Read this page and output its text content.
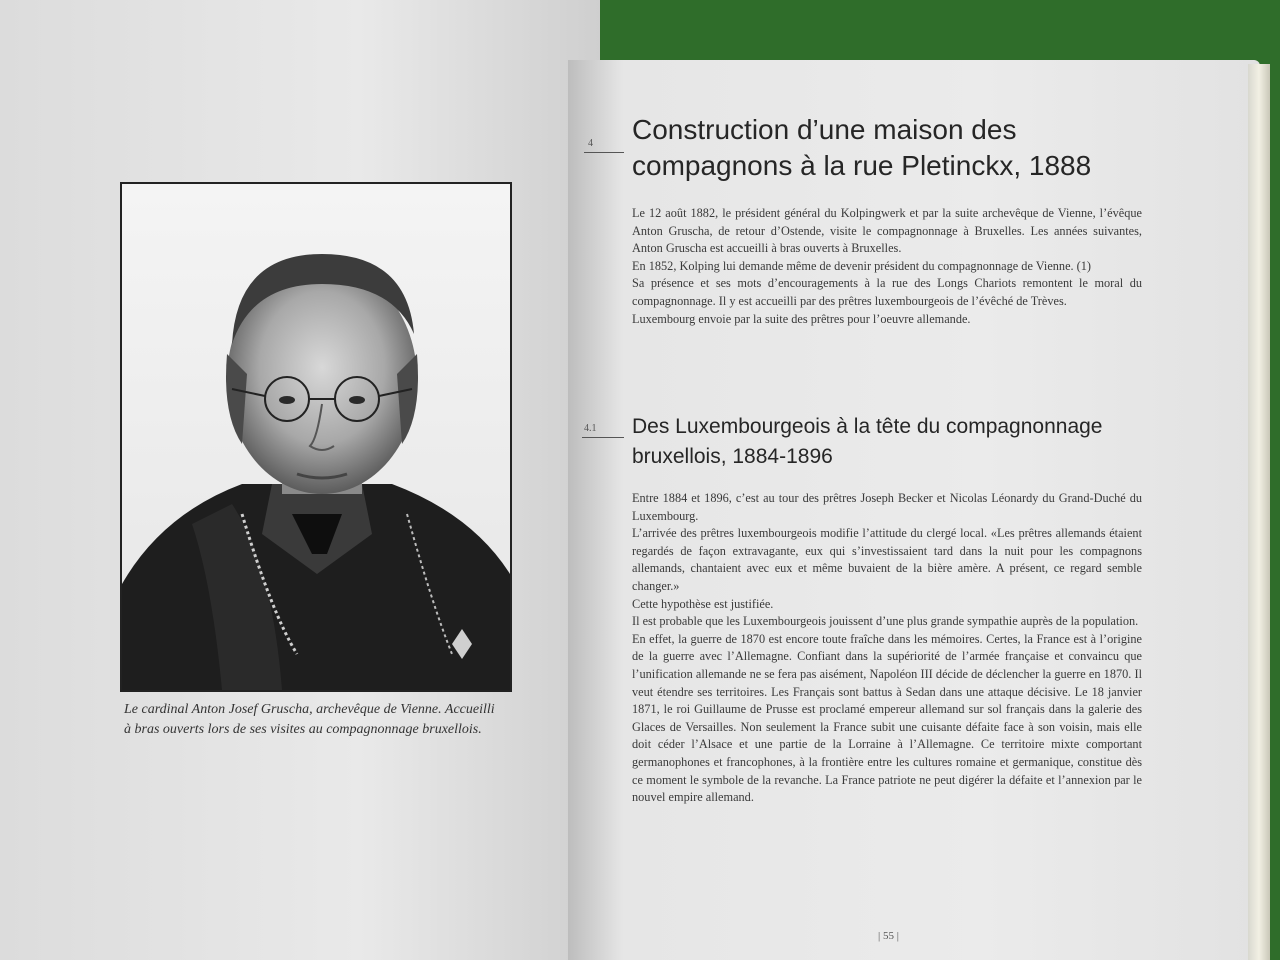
Le cardinal Anton Josef Gruscha, archevêque de Vienne. Accueilli à bras ouverts lors de ses visites au compagnonnage bruxellois.
4 Construction d’une maison des
compagnons à la rue Pletinckx, 1888

Le 12 août 1882, le président général du Kolpingwerk et par la suite archevêque de Vienne, l’évêque Anton Gruscha, de retour d’Ostende, visite le compagnonnage à Bruxelles. Les années suivantes, Anton Gruscha est accueilli à bras ouverts à Bruxelles.

En 1852, Kolping lui demande même de devenir président du compagnonnage de Vienne. (1)

Sa présence et ses mots d’encouragements à la rue des Longs Chariots remontent le moral du compagnonnage. Il y est accueilli par des prêtres luxembourgeois de l’évêché de Trèves.

Luxembourg envoie par la suite des prêtres pour l’oeuvre allemande.

4.1 Des Luxembourgeois à la tête du compagnonnage
bruxellois, 1884-1896

Entre 1884 et 1896, c’est au tour des prêtres Joseph Becker et Nicolas Léonardy du Grand-Duché du Luxembourg.

L’arrivée des prêtres luxembourgeois modifie l’attitude du clergé local. «Les prêtres allemands étaient regardés de façon extravagante, eux qui s’investissaient tard dans la nuit pour les compagnons allemands, chantaient avec eux et même buvaient de la bière amère. A présent, ce regard semble changer.»

Cette hypothèse est justifiée.

Il est probable que les Luxembourgeois jouissent d’une plus grande sympathie auprès de la population.

En effet, la guerre de 1870 est encore toute fraîche dans les mémoires. Certes, la France est à l’origine de la guerre avec l’Allemagne. Confiant dans la supériorité de l’armée française et convaincu que l’unification allemande ne se fera pas aisément, Napoléon III décide de déclencher la guerre en 1870. Il veut étendre ses territoires. Les Français sont battus à Sedan dans une attaque décisive. Le 18 janvier 1871, le roi Guillaume de Prusse est proclamé empereur allemand sur sol français dans la galerie des Glaces de Versailles. Non seulement la France subit une cuisante défaite face à son voisin, mais elle doit céder l’Alsace et une partie de la Lorraine à l’Allemagne. Ce territoire mixte comportant germanophones et francophones, à la frontière entre les cultures romaine et germanique, constitue dès ce moment le symbole de la revanche. La France patriote ne peut digérer la défaite et l’annexion par le nouvel empire allemand.

| 55 |
